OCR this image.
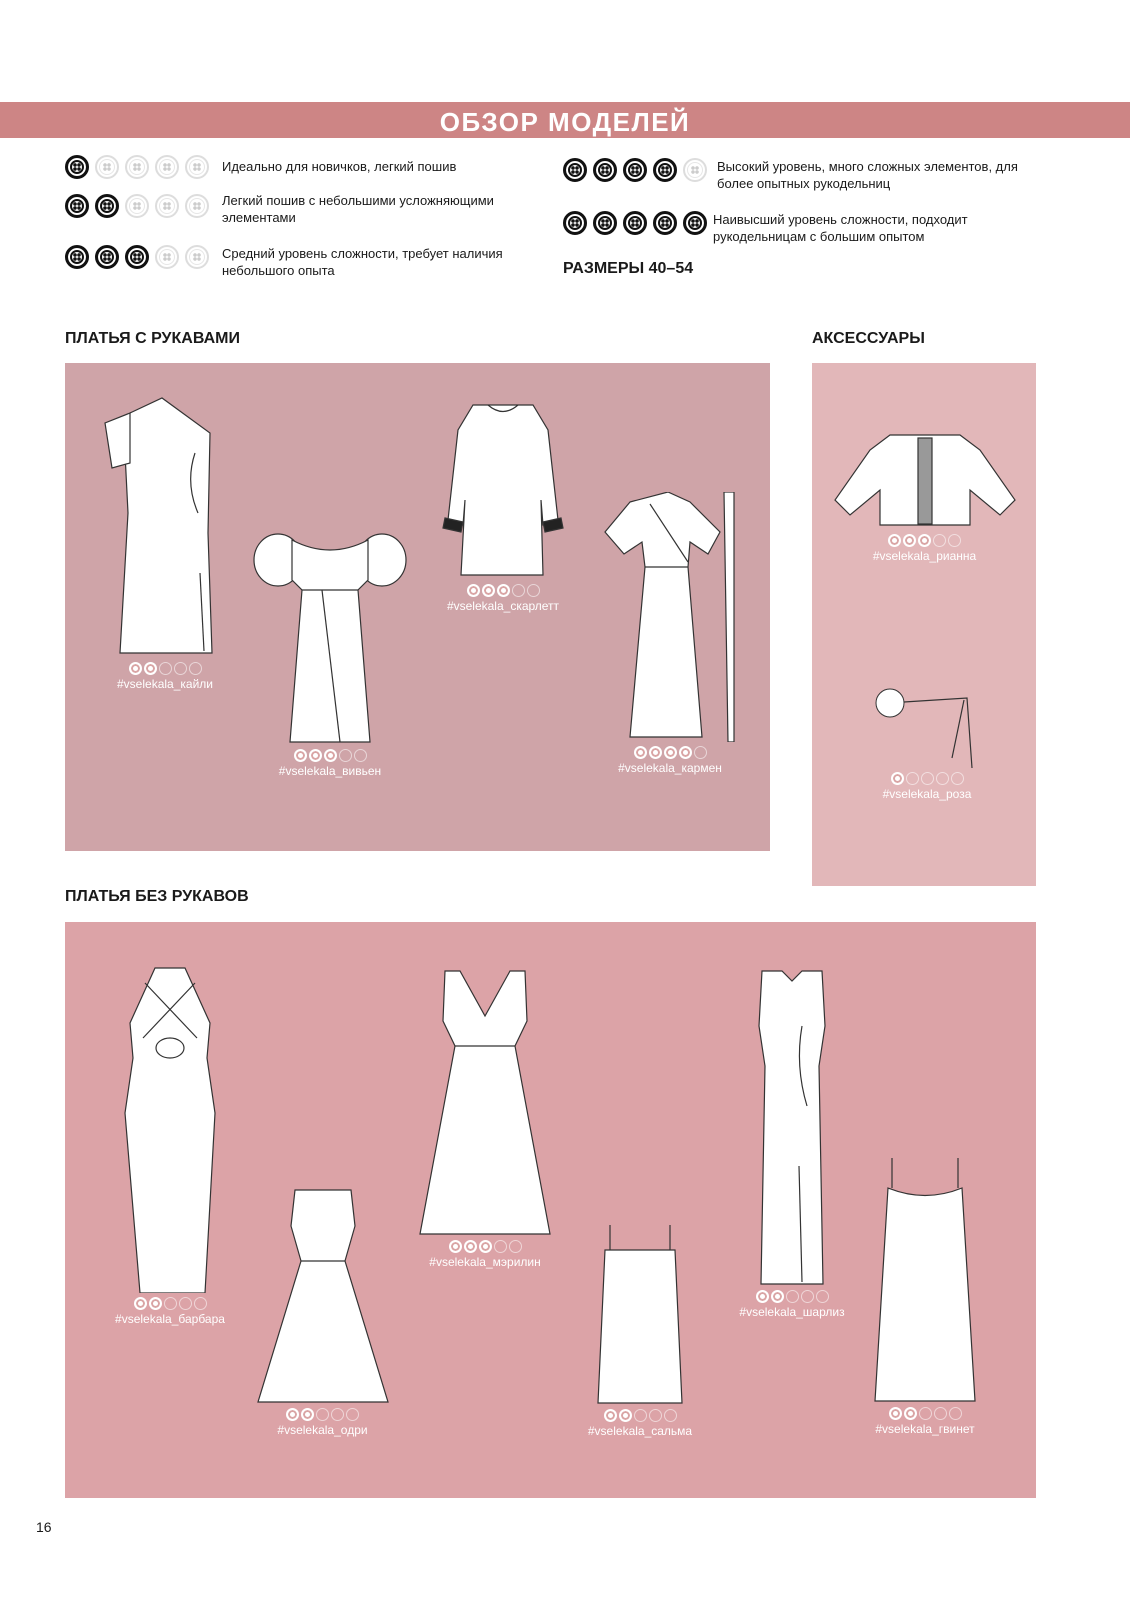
ОБЗОР МОДЕЛЕЙ
Идеально для новичков, легкий пошив
Легкий пошив с небольшими усложняющими элементами
Средний уровень сложности, требует наличия небольшого опыта
Высокий уровень, много сложных элементов, для более опытных рукодельниц
Наивысший уровень сложности, подходит рукодельницам с большим опытом
РАЗМЕРЫ 40–54
ПЛАТЬЯ С РУКАВАМИ	АКСЕССУАРЫ
ПЛАТЬЯ БЕЗ РУКАВОВ
#vselekala_кайли
#vselekala_вивьен
#vselekala_скарлетт
#vselekala_кармен
#vselekala_рианна
#vselekala_роза
#vselekala_барбара
#vselekala_одри
#vselekala_мэрилин
#vselekala_сальма
#vselekala_шарлиз
#vselekala_гвинет
16
